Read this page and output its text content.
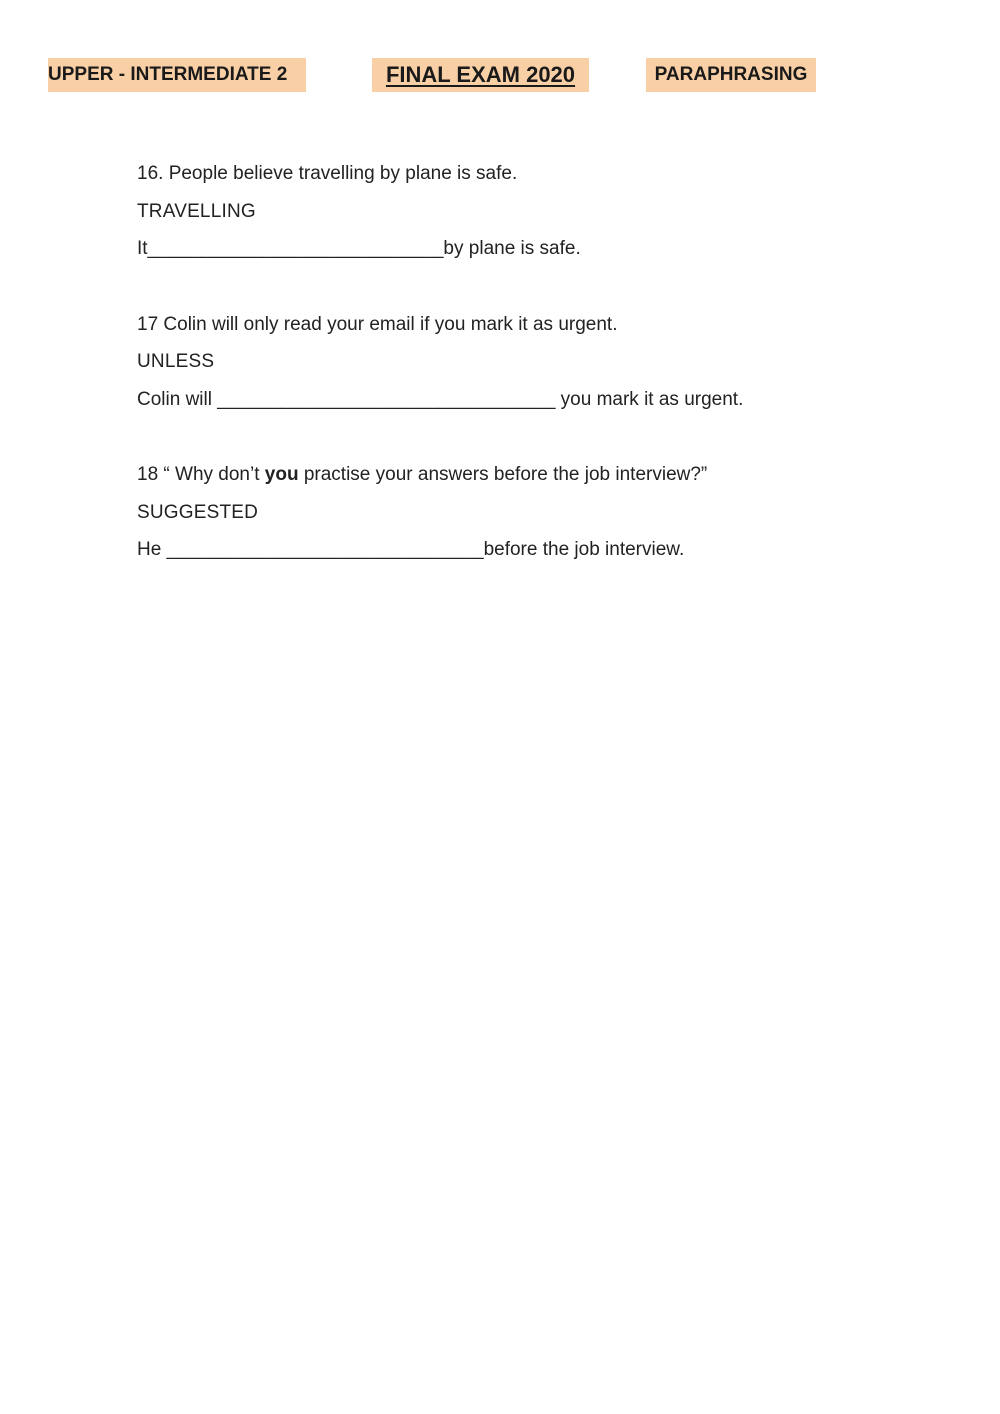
UPPER - INTERMEDIATE 2	FINAL EXAM 2020	PARAPHRASING
16. People believe travelling by plane is safe.
TRAVELLING
It____________________________by plane is safe.
17 Colin will only read your email if you mark it as urgent.
UNLESS
Colin will ________________________________ you mark it as urgent.
18 “ Why don’t you practise your answers before the job interview?”
SUGGESTED
He ______________________________before the job interview.
